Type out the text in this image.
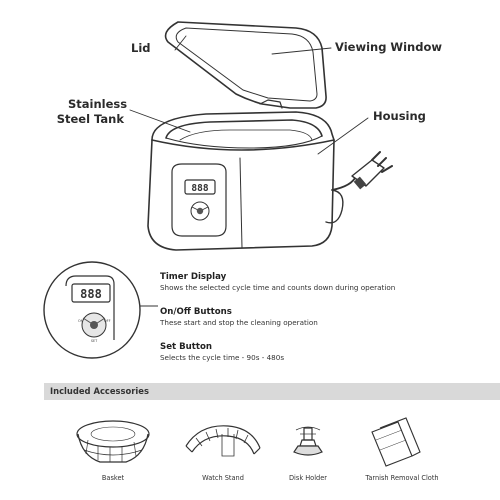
888
888
ON	OFF
SET
Lid	Viewing Window
Stainless
Steel Tank	Housing
Timer Display
Shows the selected cycle time and counts down during operation
On/Off Buttons
These start and stop the cleaning operation
Set Button
Selects the cycle time - 90s - 480s
Included Accessories
Basket	Watch Stand	Disk Holder	Tarnish Removal Cloth
